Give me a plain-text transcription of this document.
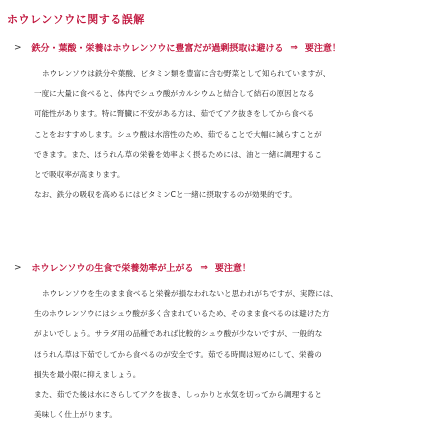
ホウレンソウに関する誤解
> 鉄分・葉酸・栄養はホウレンソウに豊富だが過剰摂取は避ける ⇒ 要注意！
ホウレンソウは鉄分や葉酸、ビタミン類を豊富に含む野菜として知られていますが、
一度に大量に食べると、体内でシュウ酸がカルシウムと結合して結石の原因となる
可能性があります。特に腎臓に不安がある方は、茹でてアク抜きをしてから食べる
ことをおすすめします。シュウ酸は水溶性のため、茹でることで大幅に減らすことが
できます。また、ほうれん草の栄養を効率よく摂るためには、油と一緒に調理するこ
とで吸収率が高まります。
なお、鉄分の吸収を高めるにはビタミンCと一緒に摂取するのが効果的です。
> ホウレンソウの生食で栄養効率が上がる ⇒ 要注意！
ホウレンソウを生のまま食べると栄養が損なわれないと思われがちですが、実際には、
生のホウレンソウにはシュウ酸が多く含まれているため、そのまま食べるのは避けた方
がよいでしょう。サラダ用の品種であれば比較的シュウ酸が少ないですが、一般的な
ほうれん草は下茹でしてから食べるのが安全です。茹でる時間は短めにして、栄養の
損失を最小限に抑えましょう。
また、茹でた後は水にさらしてアクを抜き、しっかりと水気を切ってから調理すると
美味しく仕上がります。
